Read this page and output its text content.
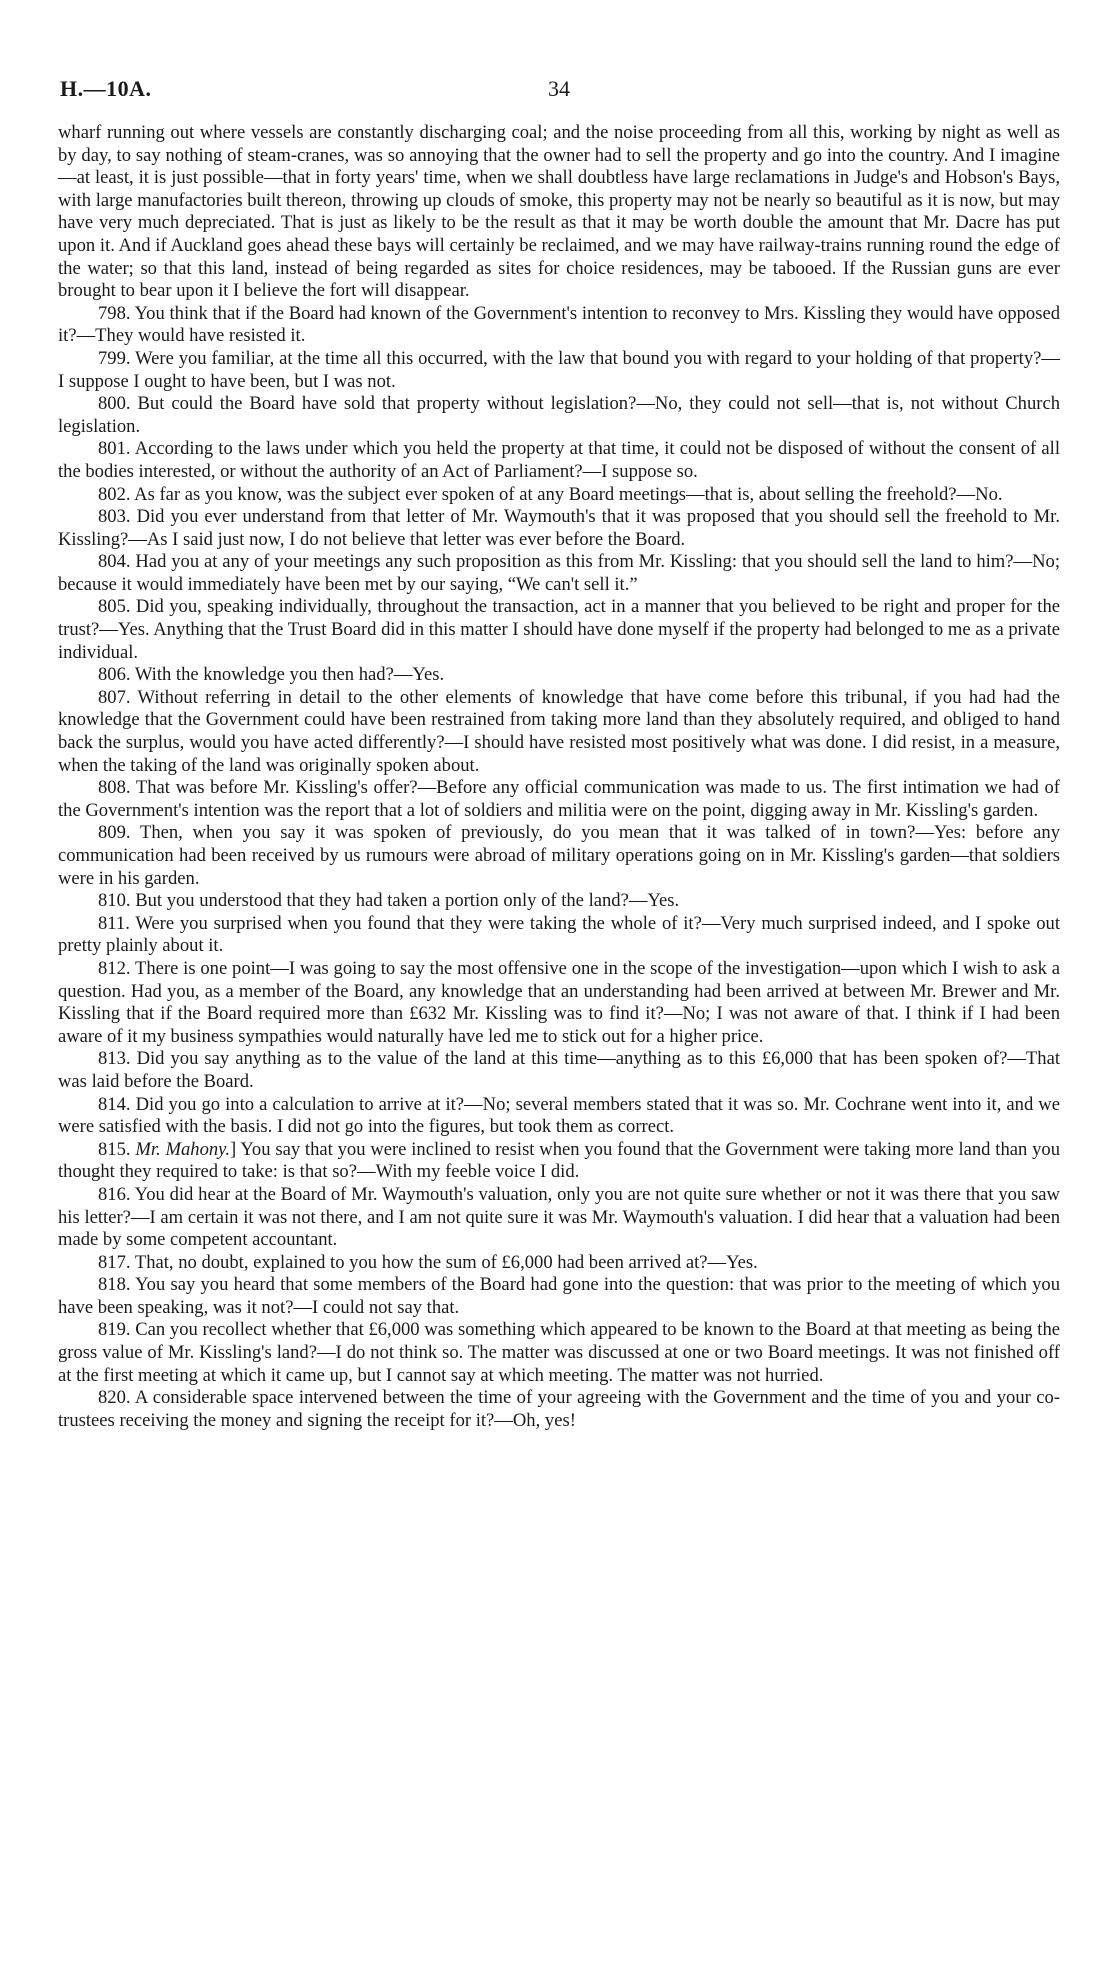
H.—10A.	34

wharf running out where vessels are constantly discharging coal; and the noise proceeding from all this, working by night as well as by day, to say nothing of steam-cranes, was so annoying that the owner had to sell the property and go into the country. And I imagine—at least, it is just possible—that in forty years' time, when we shall doubtless have large reclamations in Judge's and Hobson's Bays, with large manufactories built thereon, throwing up clouds of smoke, this property may not be nearly so beautiful as it is now, but may have very much depreciated. That is just as likely to be the result as that it may be worth double the amount that Mr. Dacre has put upon it. And if Auckland goes ahead these bays will certainly be reclaimed, and we may have railway-trains running round the edge of the water; so that this land, instead of being regarded as sites for choice residences, may be tabooed. If the Russian guns are ever brought to bear upon it I believe the fort will disappear.

798. You think that if the Board had known of the Government's intention to reconvey to Mrs. Kissling they would have opposed it?—They would have resisted it.

799. Were you familiar, at the time all this occurred, with the law that bound you with regard to your holding of that property?—I suppose I ought to have been, but I was not.

800. But could the Board have sold that property without legislation?—No, they could not sell—that is, not without Church legislation.

801. According to the laws under which you held the property at that time, it could not be disposed of without the consent of all the bodies interested, or without the authority of an Act of Parliament?—I suppose so.

802. As far as you know, was the subject ever spoken of at any Board meetings—that is, about selling the freehold?—No.

803. Did you ever understand from that letter of Mr. Waymouth's that it was proposed that you should sell the freehold to Mr. Kissling?—As I said just now, I do not believe that letter was ever before the Board.

804. Had you at any of your meetings any such proposition as this from Mr. Kissling: that you should sell the land to him?—No; because it would immediately have been met by our saying, “We can't sell it.”

805. Did you, speaking individually, throughout the transaction, act in a manner that you believed to be right and proper for the trust?—Yes. Anything that the Trust Board did in this matter I should have done myself if the property had belonged to me as a private individual.

806. With the knowledge you then had?—Yes.

807. Without referring in detail to the other elements of knowledge that have come before this tribunal, if you had had the knowledge that the Government could have been restrained from taking more land than they absolutely required, and obliged to hand back the surplus, would you have acted differently?—I should have resisted most positively what was done. I did resist, in a measure, when the taking of the land was originally spoken about.

808. That was before Mr. Kissling's offer?—Before any official communication was made to us. The first intimation we had of the Government's intention was the report that a lot of soldiers and militia were on the point, digging away in Mr. Kissling's garden.

809. Then, when you say it was spoken of previously, do you mean that it was talked of in town?—Yes: before any communication had been received by us rumours were abroad of military operations going on in Mr. Kissling's garden—that soldiers were in his garden.

810. But you understood that they had taken a portion only of the land?—Yes.

811. Were you surprised when you found that they were taking the whole of it?—Very much surprised indeed, and I spoke out pretty plainly about it.

812. There is one point—I was going to say the most offensive one in the scope of the investigation—upon which I wish to ask a question. Had you, as a member of the Board, any knowledge that an understanding had been arrived at between Mr. Brewer and Mr. Kissling that if the Board required more than £632 Mr. Kissling was to find it?—No; I was not aware of that. I think if I had been aware of it my business sympathies would naturally have led me to stick out for a higher price.

813. Did you say anything as to the value of the land at this time—anything as to this £6,000 that has been spoken of?—That was laid before the Board.

814. Did you go into a calculation to arrive at it?—No; several members stated that it was so. Mr. Cochrane went into it, and we were satisfied with the basis. I did not go into the figures, but took them as correct.

815. Mr. Mahony.] You say that you were inclined to resist when you found that the Government were taking more land than you thought they required to take: is that so?—With my feeble voice I did.

816. You did hear at the Board of Mr. Waymouth's valuation, only you are not quite sure whether or not it was there that you saw his letter?—I am certain it was not there, and I am not quite sure it was Mr. Waymouth's valuation. I did hear that a valuation had been made by some competent accountant.

817. That, no doubt, explained to you how the sum of £6,000 had been arrived at?—Yes.

818. You say you heard that some members of the Board had gone into the question: that was prior to the meeting of which you have been speaking, was it not?—I could not say that.

819. Can you recollect whether that £6,000 was something which appeared to be known to the Board at that meeting as being the gross value of Mr. Kissling's land?—I do not think so. The matter was discussed at one or two Board meetings. It was not finished off at the first meeting at which it came up, but I cannot say at which meeting. The matter was not hurried.

820. A considerable space intervened between the time of your agreeing with the Government and the time of you and your co-trustees receiving the money and signing the receipt for it?—Oh, yes!
